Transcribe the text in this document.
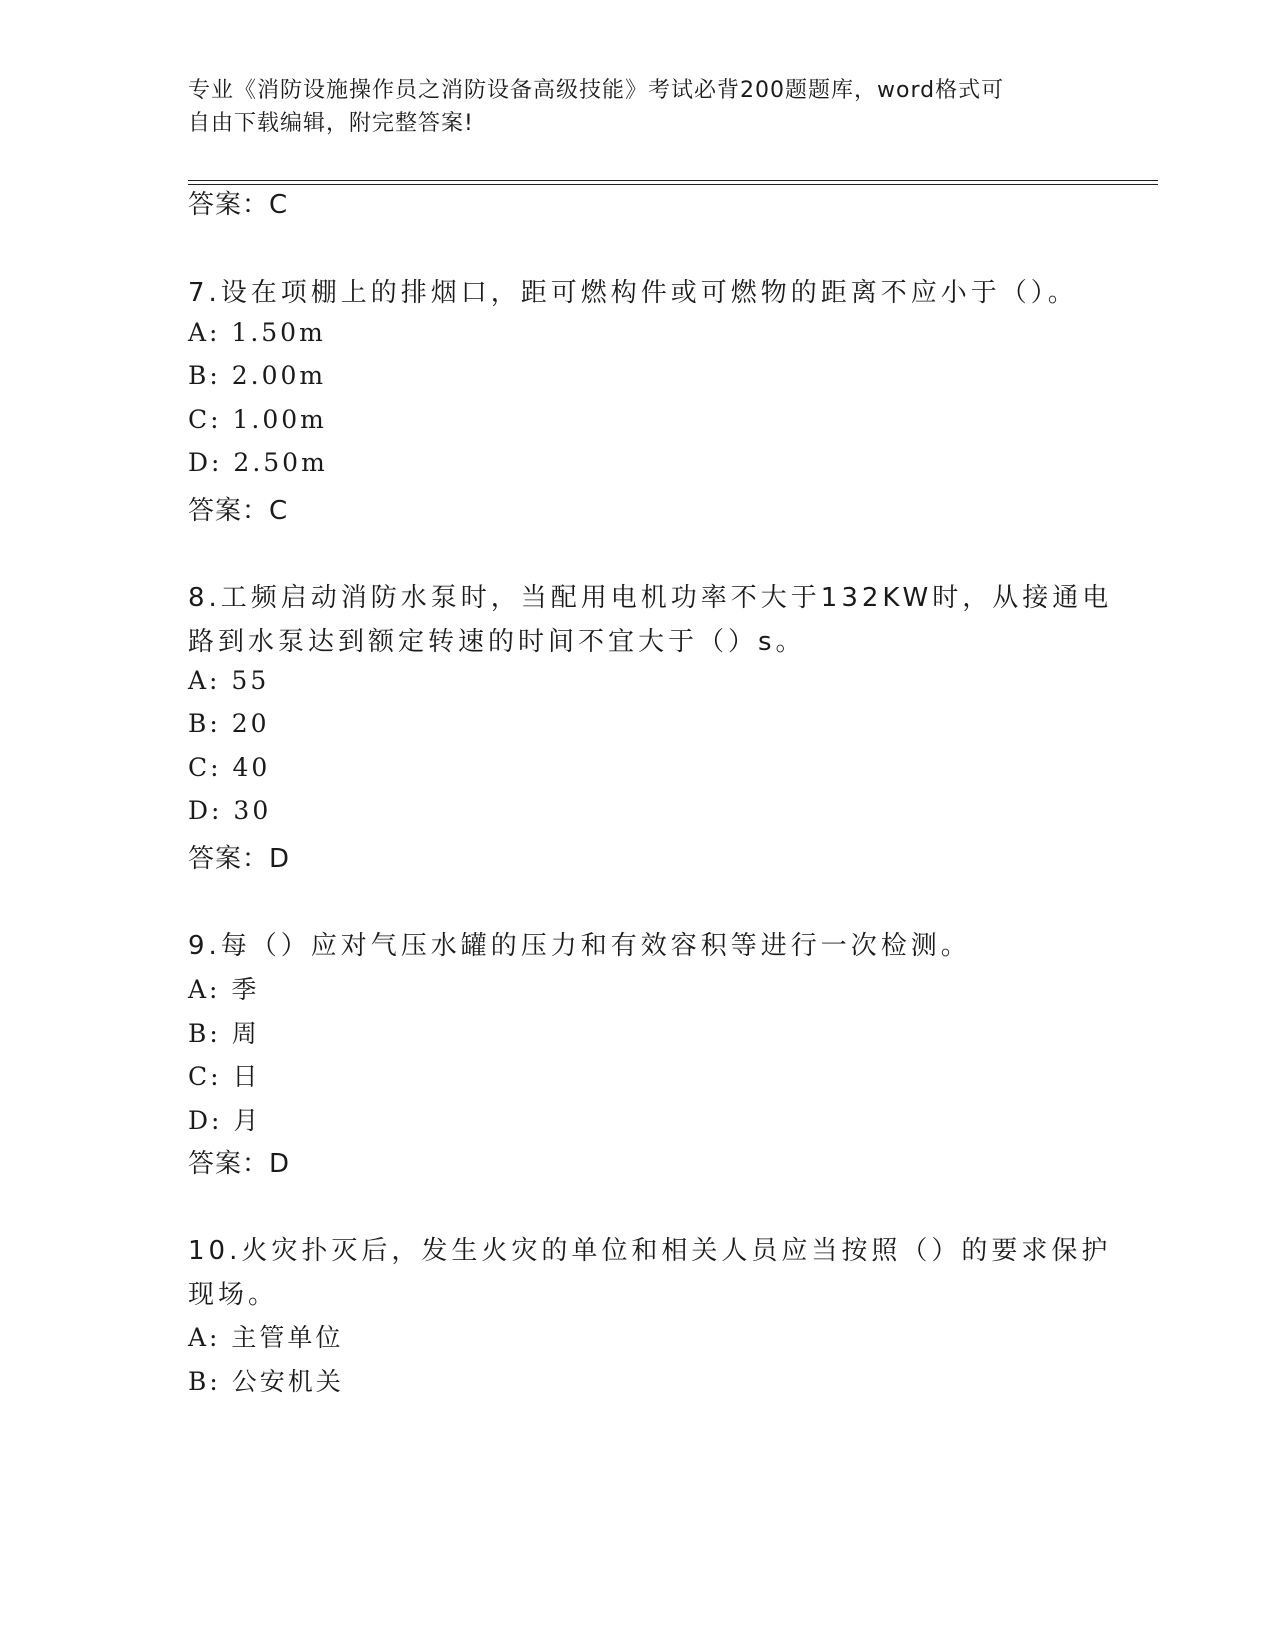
专业《消防设施操作员之消防设备高级技能》考试必背200题题库，word格式可
自由下载编辑，附完整答案!
答案：C
7.设在项棚上的排烟口，距可燃构件或可燃物的距离不应小于（）。
A: 1.50m
B: 2.00m
C: 1.00m
D: 2.50m
答案：C
8.工频启动消防水泵时，当配用电机功率不大于132KW时，从接通电
路到水泵达到额定转速的时间不宜大于（）s。
A: 55
B: 20
C: 40
D: 30
答案：D
9.每（）应对气压水罐的压力和有效容积等进行一次检测。
A: 季
B: 周
C: 日
D: 月
答案：D
10.火灾扑灭后，发生火灾的单位和相关人员应当按照（）的要求保护
现场。
A: 主管单位
B: 公安机关
